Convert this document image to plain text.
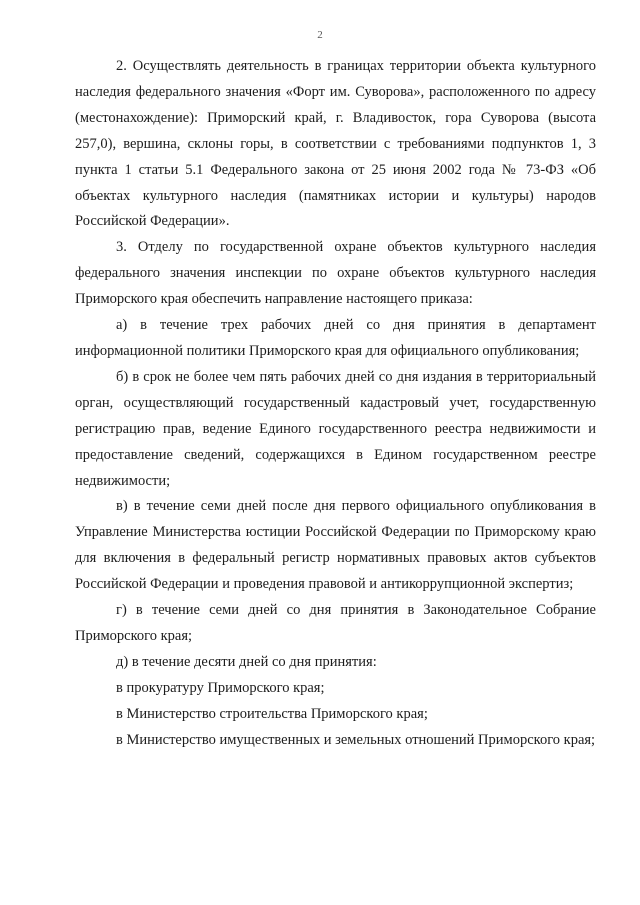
2

2. Осуществлять деятельность в границах территории объекта культурного наследия федерального значения «Форт им. Суворова», расположенного по адресу (местонахождение): Приморский край, г. Владивосток, гора Суворова (высота 257,0), вершина, склоны горы, в соответствии с требованиями подпунктов 1, 3 пункта 1 статьи 5.1 Федерального закона от 25 июня 2002 года № 73-ФЗ «Об объектах культурного наследия (памятниках истории и культуры) народов Российской Федерации».

3. Отделу по государственной охране объектов культурного наследия федерального значения инспекции по охране объектов культурного наследия Приморского края обеспечить направление настоящего приказа:

а) в течение трех рабочих дней со дня принятия в департамент информационной политики Приморского края для официального опубликования;

б) в срок не более чем пять рабочих дней со дня издания в территориальный орган, осуществляющий государственный кадастровый учет, государственную регистрацию прав, ведение Единого государственного реестра недвижимости и предоставление сведений, содержащихся в Едином государственном реестре недвижимости;

в) в течение семи дней после дня первого официального опубликования в Управление Министерства юстиции Российской Федерации по Приморскому краю для включения в федеральный регистр нормативных правовых актов субъектов Российской Федерации и проведения правовой и антикоррупционной экспертиз;

г) в течение семи дней со дня принятия в Законодательное Собрание Приморского края;

д) в течение десяти дней со дня принятия:

в прокуратуру Приморского края;

в Министерство строительства Приморского края;

в Министерство имущественных и земельных отношений Приморского края;
